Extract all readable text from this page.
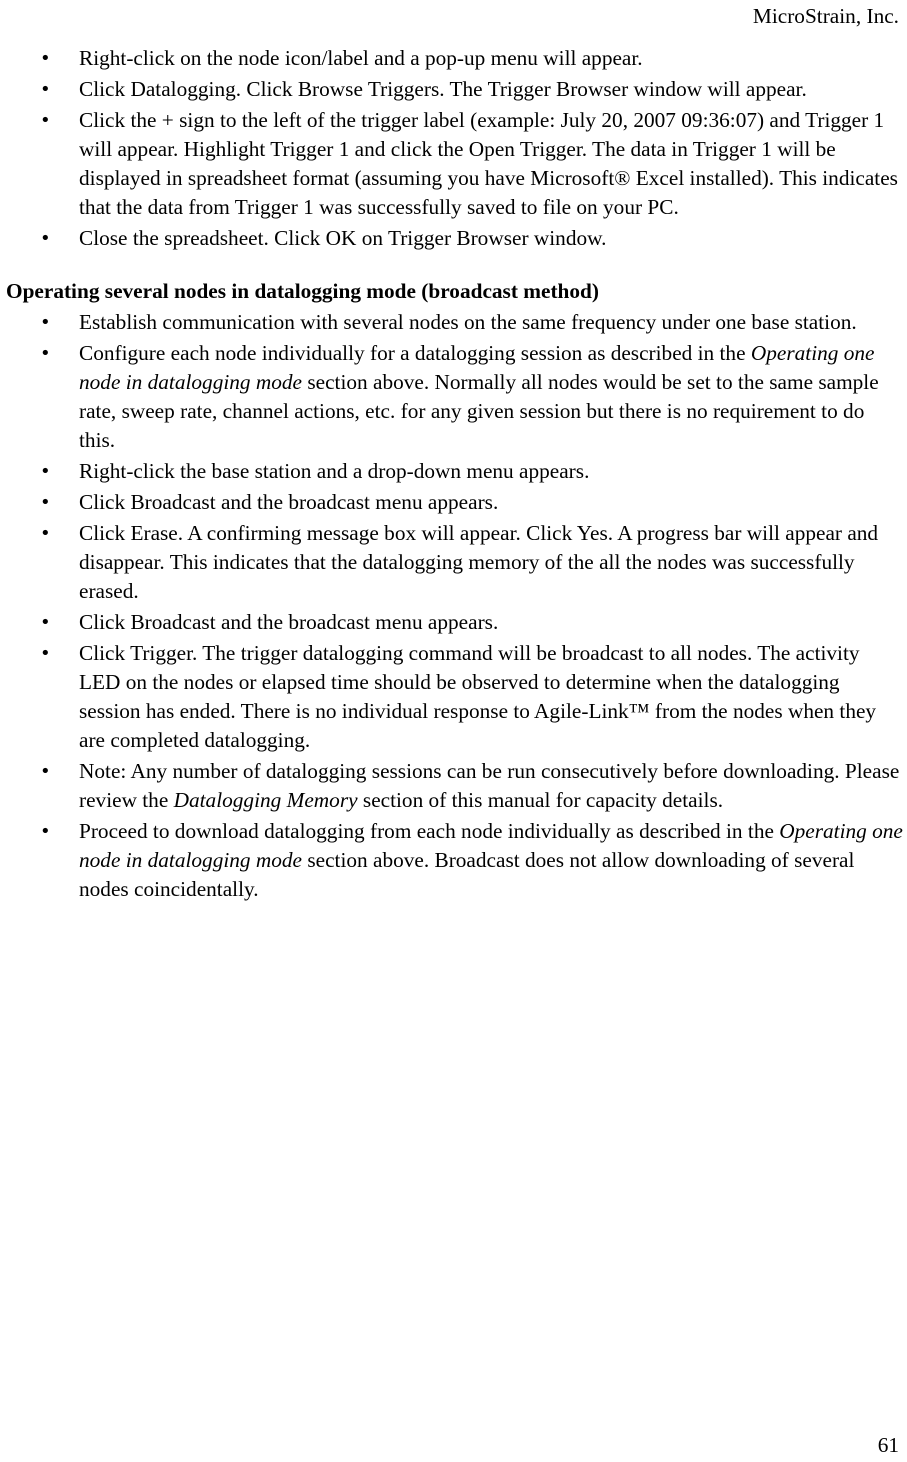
MicroStrain, Inc.
• Right-click on the node icon/label and a pop-up menu will appear.
• Click Datalogging. Click Browse Triggers. The Trigger Browser window will appear.
• Click the + sign to the left of the trigger label (example: July 20, 2007 09:36:07) and Trigger 1 will appear. Highlight Trigger 1 and click the Open Trigger. The data in Trigger 1 will be displayed in spreadsheet format (assuming you have Microsoft® Excel installed). This indicates that the data from Trigger 1 was successfully saved to file on your PC.
• Close the spreadsheet. Click OK on Trigger Browser window.
Operating several nodes in datalogging mode (broadcast method)
• Establish communication with several nodes on the same frequency under one base station.
• Configure each node individually for a datalogging session as described in the Operating one node in datalogging mode section above. Normally all nodes would be set to the same sample rate, sweep rate, channel actions, etc. for any given session but there is no requirement to do this.
• Right-click the base station and a drop-down menu appears.
• Click Broadcast and the broadcast menu appears.
• Click Erase. A confirming message box will appear. Click Yes. A progress bar will appear and disappear. This indicates that the datalogging memory of the all the nodes was successfully erased.
• Click Broadcast and the broadcast menu appears.
• Click Trigger. The trigger datalogging command will be broadcast to all nodes. The activity LED on the nodes or elapsed time should be observed to determine when the datalogging session has ended. There is no individual response to Agile-Link™ from the nodes when they are completed datalogging.
• Note: Any number of datalogging sessions can be run consecutively before downloading. Please review the Datalogging Memory section of this manual for capacity details.
• Proceed to download datalogging from each node individually as described in the Operating one node in datalogging mode section above. Broadcast does not allow downloading of several nodes coincidentally.
61
